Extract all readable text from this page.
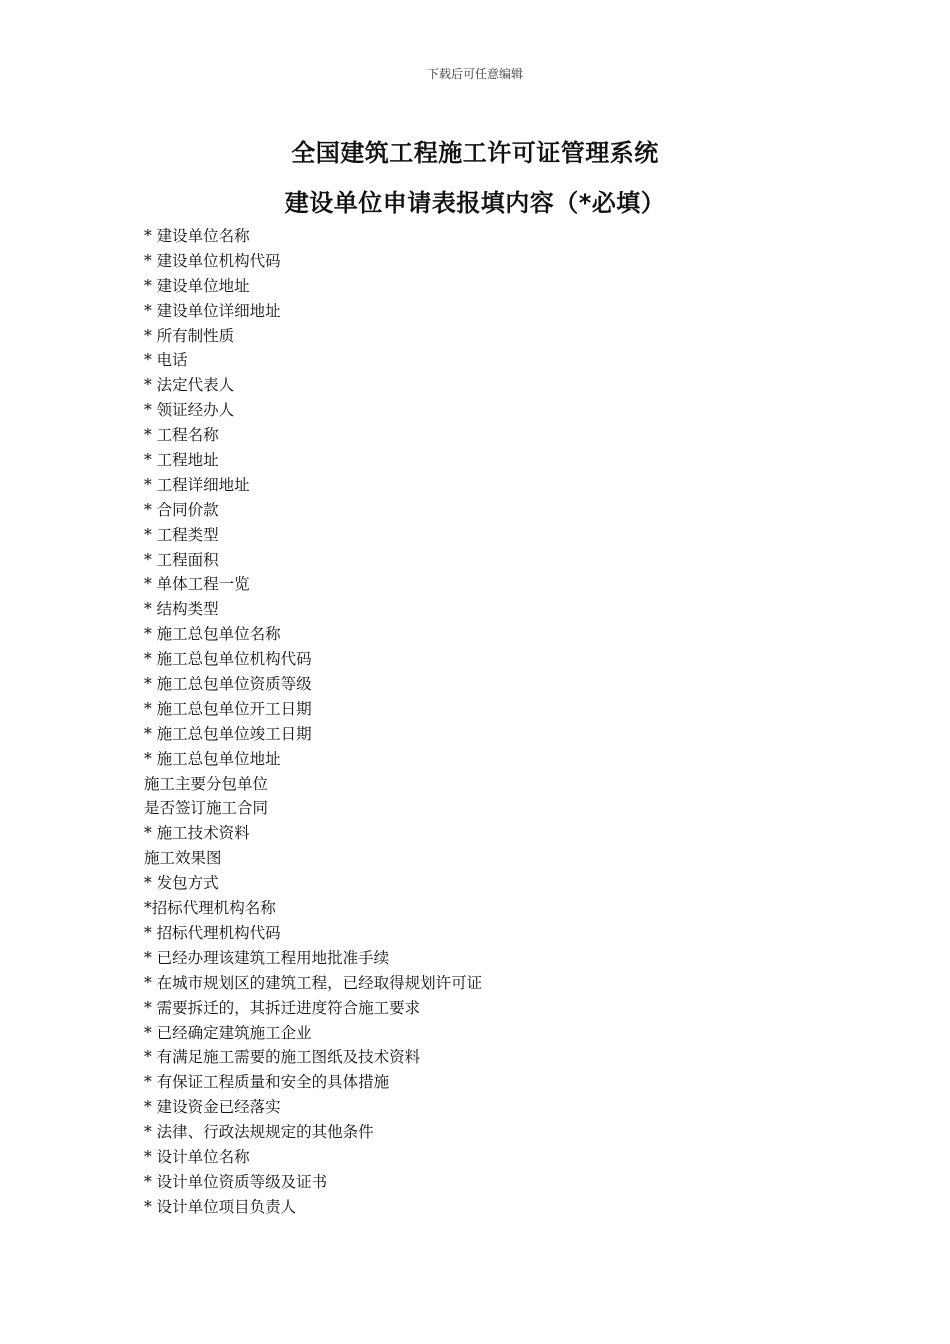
下载后可任意编辑
全国建筑工程施工许可证管理系统
建设单位申请表报填内容（*必填）
* 建设单位名称
* 建设单位机构代码
* 建设单位地址
* 建设单位详细地址
* 所有制性质
* 电话
* 法定代表人
* 领证经办人
* 工程名称
* 工程地址
* 工程详细地址
* 合同价款
* 工程类型
* 工程面积
* 单体工程一览
* 结构类型
* 施工总包单位名称
* 施工总包单位机构代码
* 施工总包单位资质等级
* 施工总包单位开工日期
* 施工总包单位竣工日期
* 施工总包单位地址
施工主要分包单位
是否签订施工合同
* 施工技术资料
施工效果图
* 发包方式
*招标代理机构名称
* 招标代理机构代码
* 已经办理该建筑工程用地批准手续
* 在城市规划区的建筑工程，已经取得规划许可证
* 需要拆迁的，其拆迁进度符合施工要求
* 已经确定建筑施工企业
* 有满足施工需要的施工图纸及技术资料
* 有保证工程质量和安全的具体措施
* 建设资金已经落实
* 法律、行政法规规定的其他条件
* 设计单位名称
* 设计单位资质等级及证书
* 设计单位项目负责人
